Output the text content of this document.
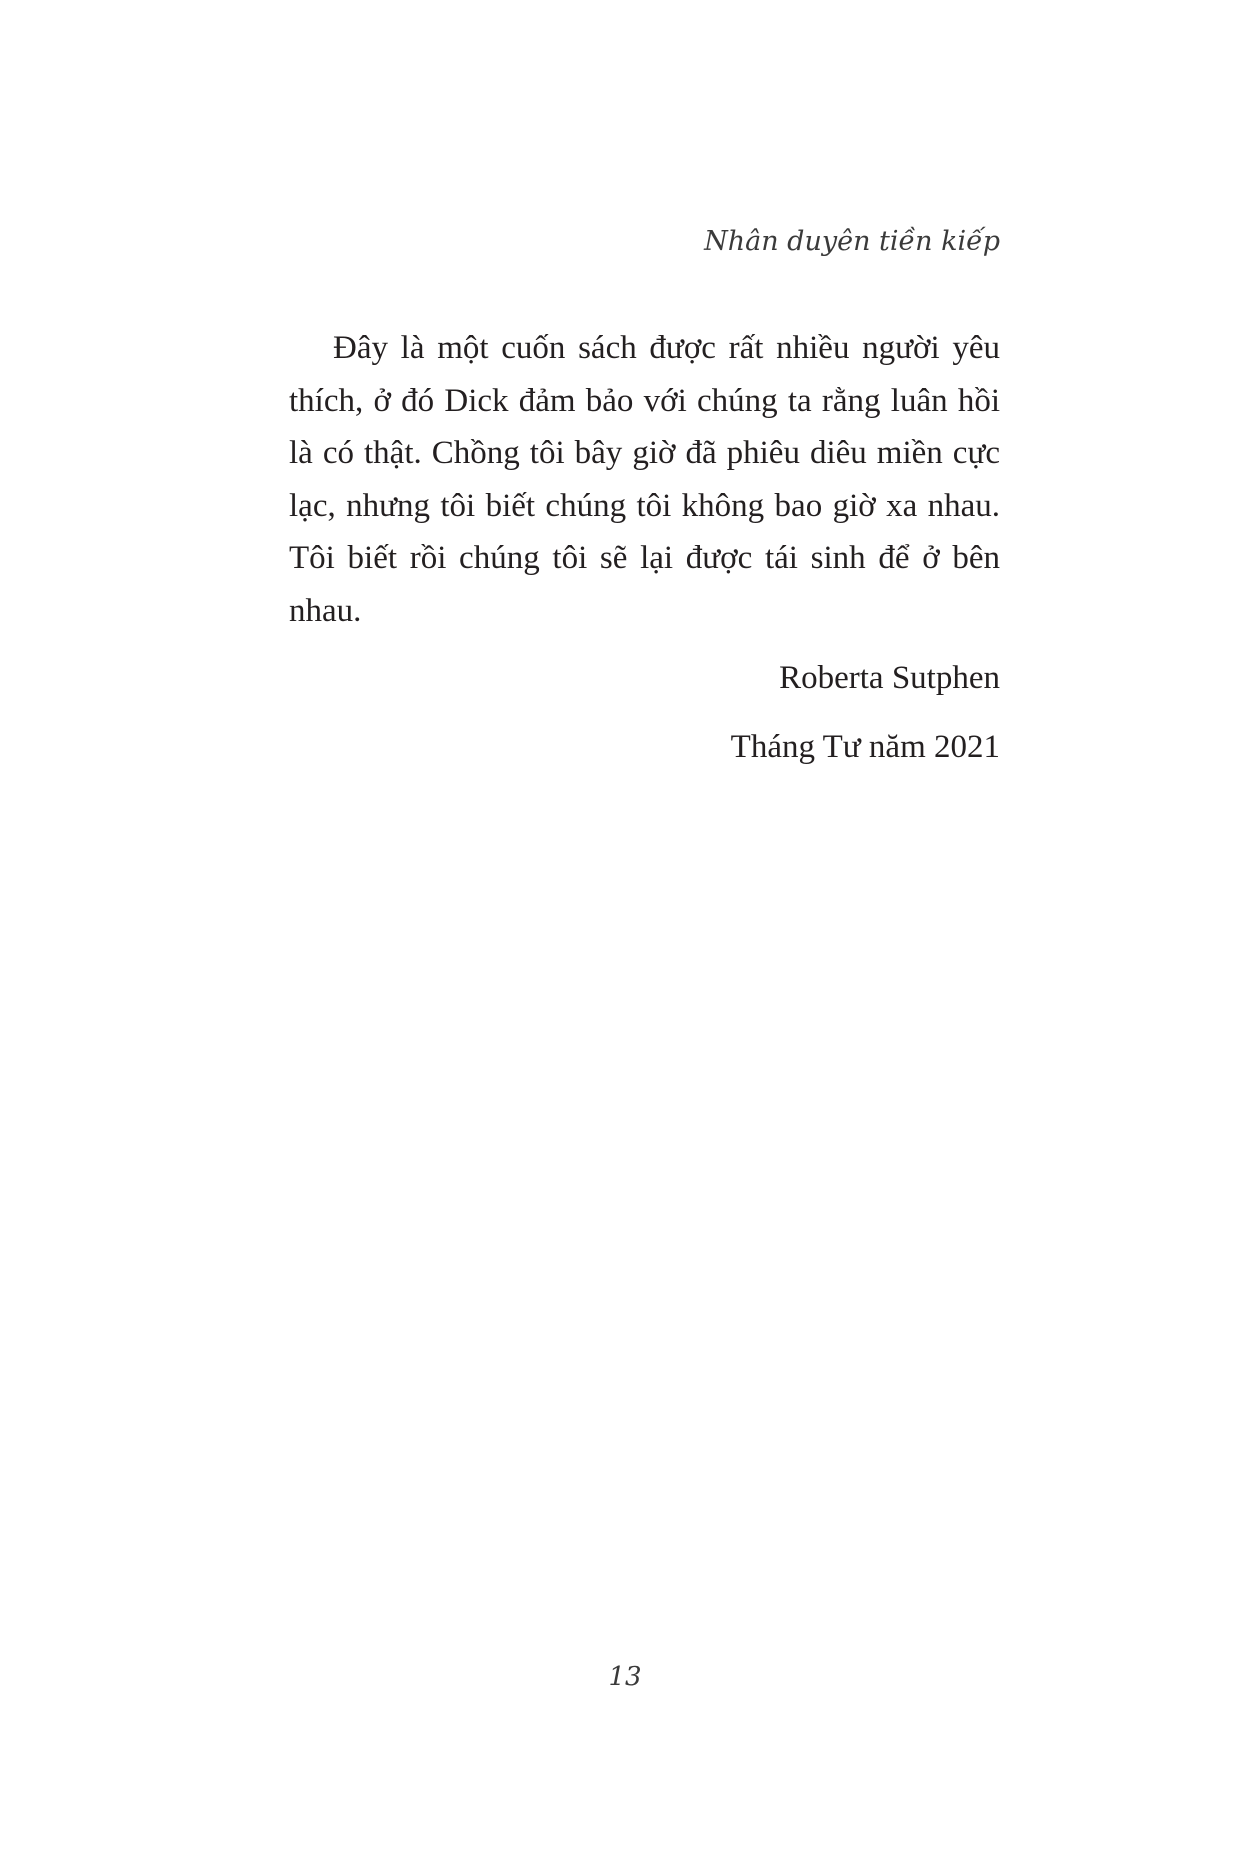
Nhân duyên tiền kiếp

Đây là một cuốn sách được rất nhiều người yêu thích, ở đó Dick đảm bảo với chúng ta rằng luân hồi là có thật. Chồng tôi bây giờ đã phiêu diêu miền cực lạc, nhưng tôi biết chúng tôi không bao giờ xa nhau. Tôi biết rồi chúng tôi sẽ lại được tái sinh để ở bên nhau.

Roberta Sutphen
Tháng Tư năm 2021
13
